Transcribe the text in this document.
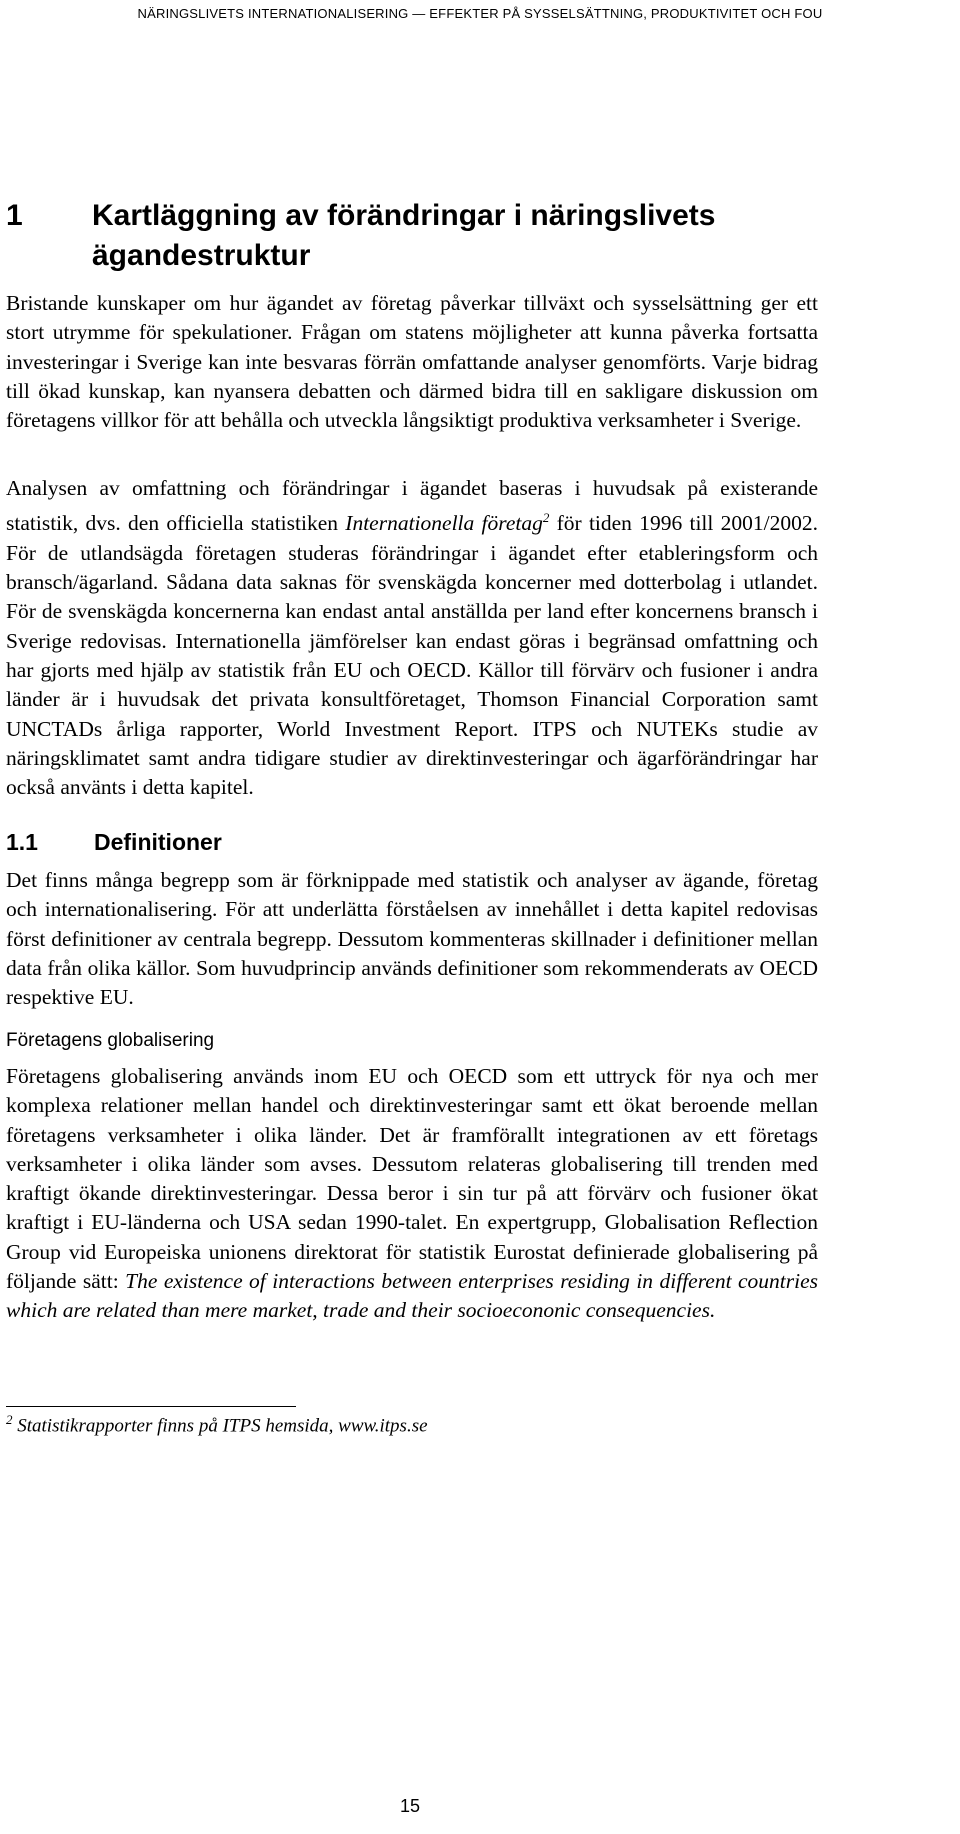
NÄRINGSLIVETS INTERNATIONALISERING — EFFEKTER PÅ SYSSELSÄTTNING, PRODUKTIVITET OCH FOU
1 Kartläggning av förändringar i näringslivets ägandestruktur

Bristande kunskaper om hur ägandet av företag påverkar tillväxt och sysselsättning ger ett stort utrymme för spekulationer. Frågan om statens möjligheter att kunna påverka fortsatta investeringar i Sverige kan inte besvaras förrän omfattande analyser genomförts. Varje bidrag till ökad kunskap, kan nyansera debatten och därmed bidra till en sakligare diskussion om företagens villkor för att behålla och utveckla långsiktigt produktiva verksamheter i Sverige.

Analysen av omfattning och förändringar i ägandet baseras i huvudsak på existerande statistik, dvs. den officiella statistiken Internationella företag$^2$ för tiden 1996 till 2001/2002. För de utlandsägda företagen studeras förändringar i ägandet efter etableringsform och bransch/ägarland. Sådana data saknas för svenskägda koncerner med dotterbolag i utlandet. För de svenskägda koncernerna kan endast antal anställda per land efter koncernens bransch i Sverige redovisas. Internationella jämförelser kan endast göras i begränsad omfattning och har gjorts med hjälp av statistik från EU och OECD. Källor till förvärv och fusioner i andra länder är i huvudsak det privata konsultföretaget, Thomson Financial Corporation samt UNCTADs årliga rapporter, World Investment Report. ITPS och NUTEKs studie av näringsklimatet samt andra tidigare studier av direktinvesteringar och ägarförändringar har också använts i detta kapitel.

1.1 Definitioner

Det finns många begrepp som är förknippade med statistik och analyser av ägande, företag och internationalisering. För att underlätta förståelsen av innehållet i detta kapitel redovisas först definitioner av centrala begrepp. Dessutom kommenteras skillnader i definitioner mellan data från olika källor. Som huvudprincip används definitioner som rekommenderats av OECD respektive EU.

Företagens globalisering

Företagens globalisering används inom EU och OECD som ett uttryck för nya och mer komplexa relationer mellan handel och direktinvesteringar samt ett ökat beroende mellan företagens verksamheter i olika länder. Det är framförallt integrationen av ett företags verksamheter i olika länder som avses. Dessutom relateras globalisering till trenden med kraftigt ökande direktinvesteringar. Dessa beror i sin tur på att förvärv och fusioner ökat kraftigt i EU-länderna och USA sedan 1990-talet. En expertgrupp, Globalisation Reflection Group vid Europeiska unionens direktorat för statistik Eurostat definierade globalisering på följande sätt: The existence of interactions between enterprises residing in different countries which are related than mere market, trade and their socioecononic consequencies.

$^2$ Statistikrapporter finns på ITPS hemsida, www.itps.se
15
